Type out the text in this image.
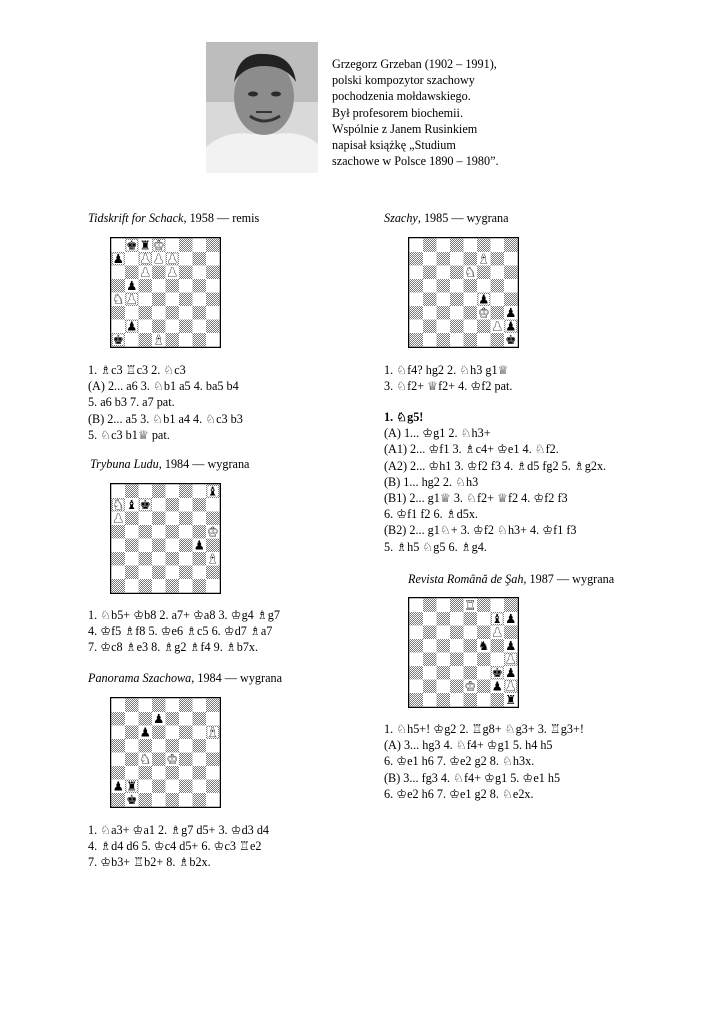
Grzegorz Grzeban (1902 – 1991),
polski kompozytor szachowy
pochodzenia mołdawskiego.
Był profesorem biochemii.
Wspólnie z Janem Rusinkiem
napisał książkę „Studium
szachowe w Polsce 1890 – 1980”.
Tidskrift for Schack, 1958 — remis
♚ ♜ ♚
♟ ♟ ♟ ♟
♟ ♟
♟
♞ ♟
♟
♚ ♝
1. ♗c3 ♖c3 2. ♘c3
(A) 2... a6 3. ♘b1 a5 4. ba5 b4
5. a6 b3 7. a7 pat.
(B) 2... a5 3. ♘b1 a4 4. ♘c3 b3
5. ♘c3 b1♕ pat.
Trybuna Ludu, 1984 — wygrana
♝
♞ ♝ ♚
♟
♚
♟
♝
1. ♘b5+ ♔b8 2. a7+ ♔a8 3. ♔g4 ♗g7
4. ♔f5 ♗f8 5. ♔e6 ♗c5 6. ♔d7 ♗a7
7. ♔c8 ♗e3 8. ♗g2 ♗f4 9. ♗b7x.
Panorama Szachowa, 1984 — wygrana
♟
♟	♝
♞ ♚
♟ ♜
♚
1. ♘a3+ ♔a1 2. ♗g7 d5+ 3. ♔d3 d4
4. ♗d4 d6 5. ♔c4 d5+ 6. ♔c3 ♖e2
7. ♔b3+ ♖b2+ 8. ♗b2x.
Szachy, 1985 — wygrana
♝
♞
♟
♚ ♟
♟ ♟
♚
1. ♘f4? hg2 2. ♘h3 g1♕
3. ♘f2+ ♕f2+ 4. ♔f2 pat.
1. ♘g5!
(A) 1... ♔g1 2. ♘h3+
(A1) 2... ♔f1 3. ♗c4+ ♔e1 4. ♘f2.
(A2) 2... ♔h1 3. ♔f2 f3 4. ♗d5 fg2 5. ♗g2x.
(B) 1... hg2 2. ♘h3
(B1) 2... g1♕ 3. ♘f2+ ♕f2 4. ♔f2 f3
6. ♔f1 f2 6. ♗d5x.
(B2) 2... g1♘+ 3. ♔f2 ♘h3+ 4. ♔f1 f3
5. ♗h5 ♘g5 6. ♗g4.
Revista Română de Şah, 1987 — wygrana
♜
♝ ♟
♟
♞ ♟
♟
♚ ♟
♚ ♟ ♟
♜
1. ♘h5+! ♔g2 2. ♖g8+ ♘g3+ 3. ♖g3+!
(A) 3... hg3 4. ♘f4+ ♔g1 5. h4 h5
6. ♔e1 h6 7. ♔e2 g2 8. ♘h3x.
(B) 3... fg3 4. ♘f4+ ♔g1 5. ♔e1 h5
6. ♔e2 h6 7. ♔e1 g2 8. ♘e2x.
